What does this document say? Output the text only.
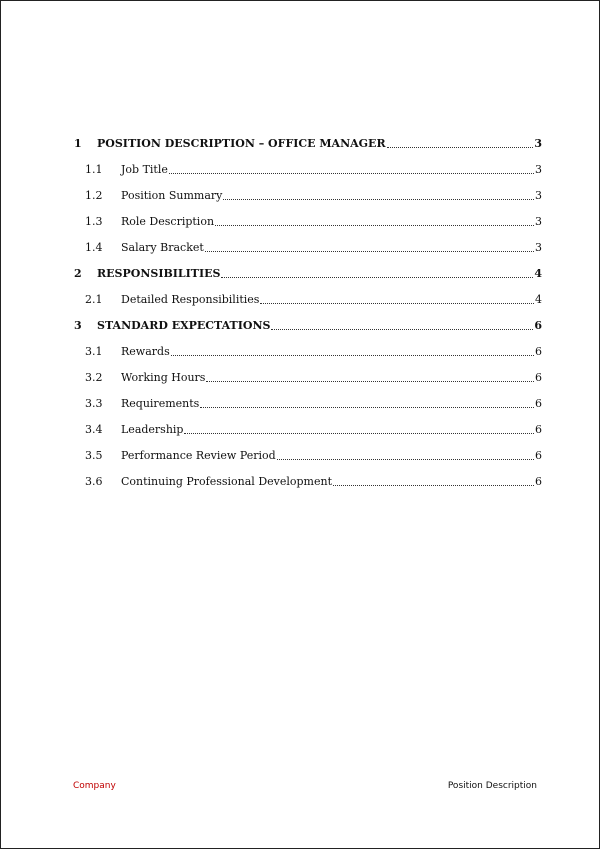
1 POSITION DESCRIPTION – OFFICE MANAGER	3
1.1 Job Title	3
1.2 Position Summary	3
1.3 Role Description	3
1.4 Salary Bracket	3
2 RESPONSIBILITIES	4
2.1 Detailed Responsibilities	4
3 STANDARD EXPECTATIONS	6
3.1 Rewards	6
3.2 Working Hours	6
3.3 Requirements	6
3.4 Leadership	6
3.5 Performance Review Period	6
3.6 Continuing Professional Development	6
Company	Position Description
